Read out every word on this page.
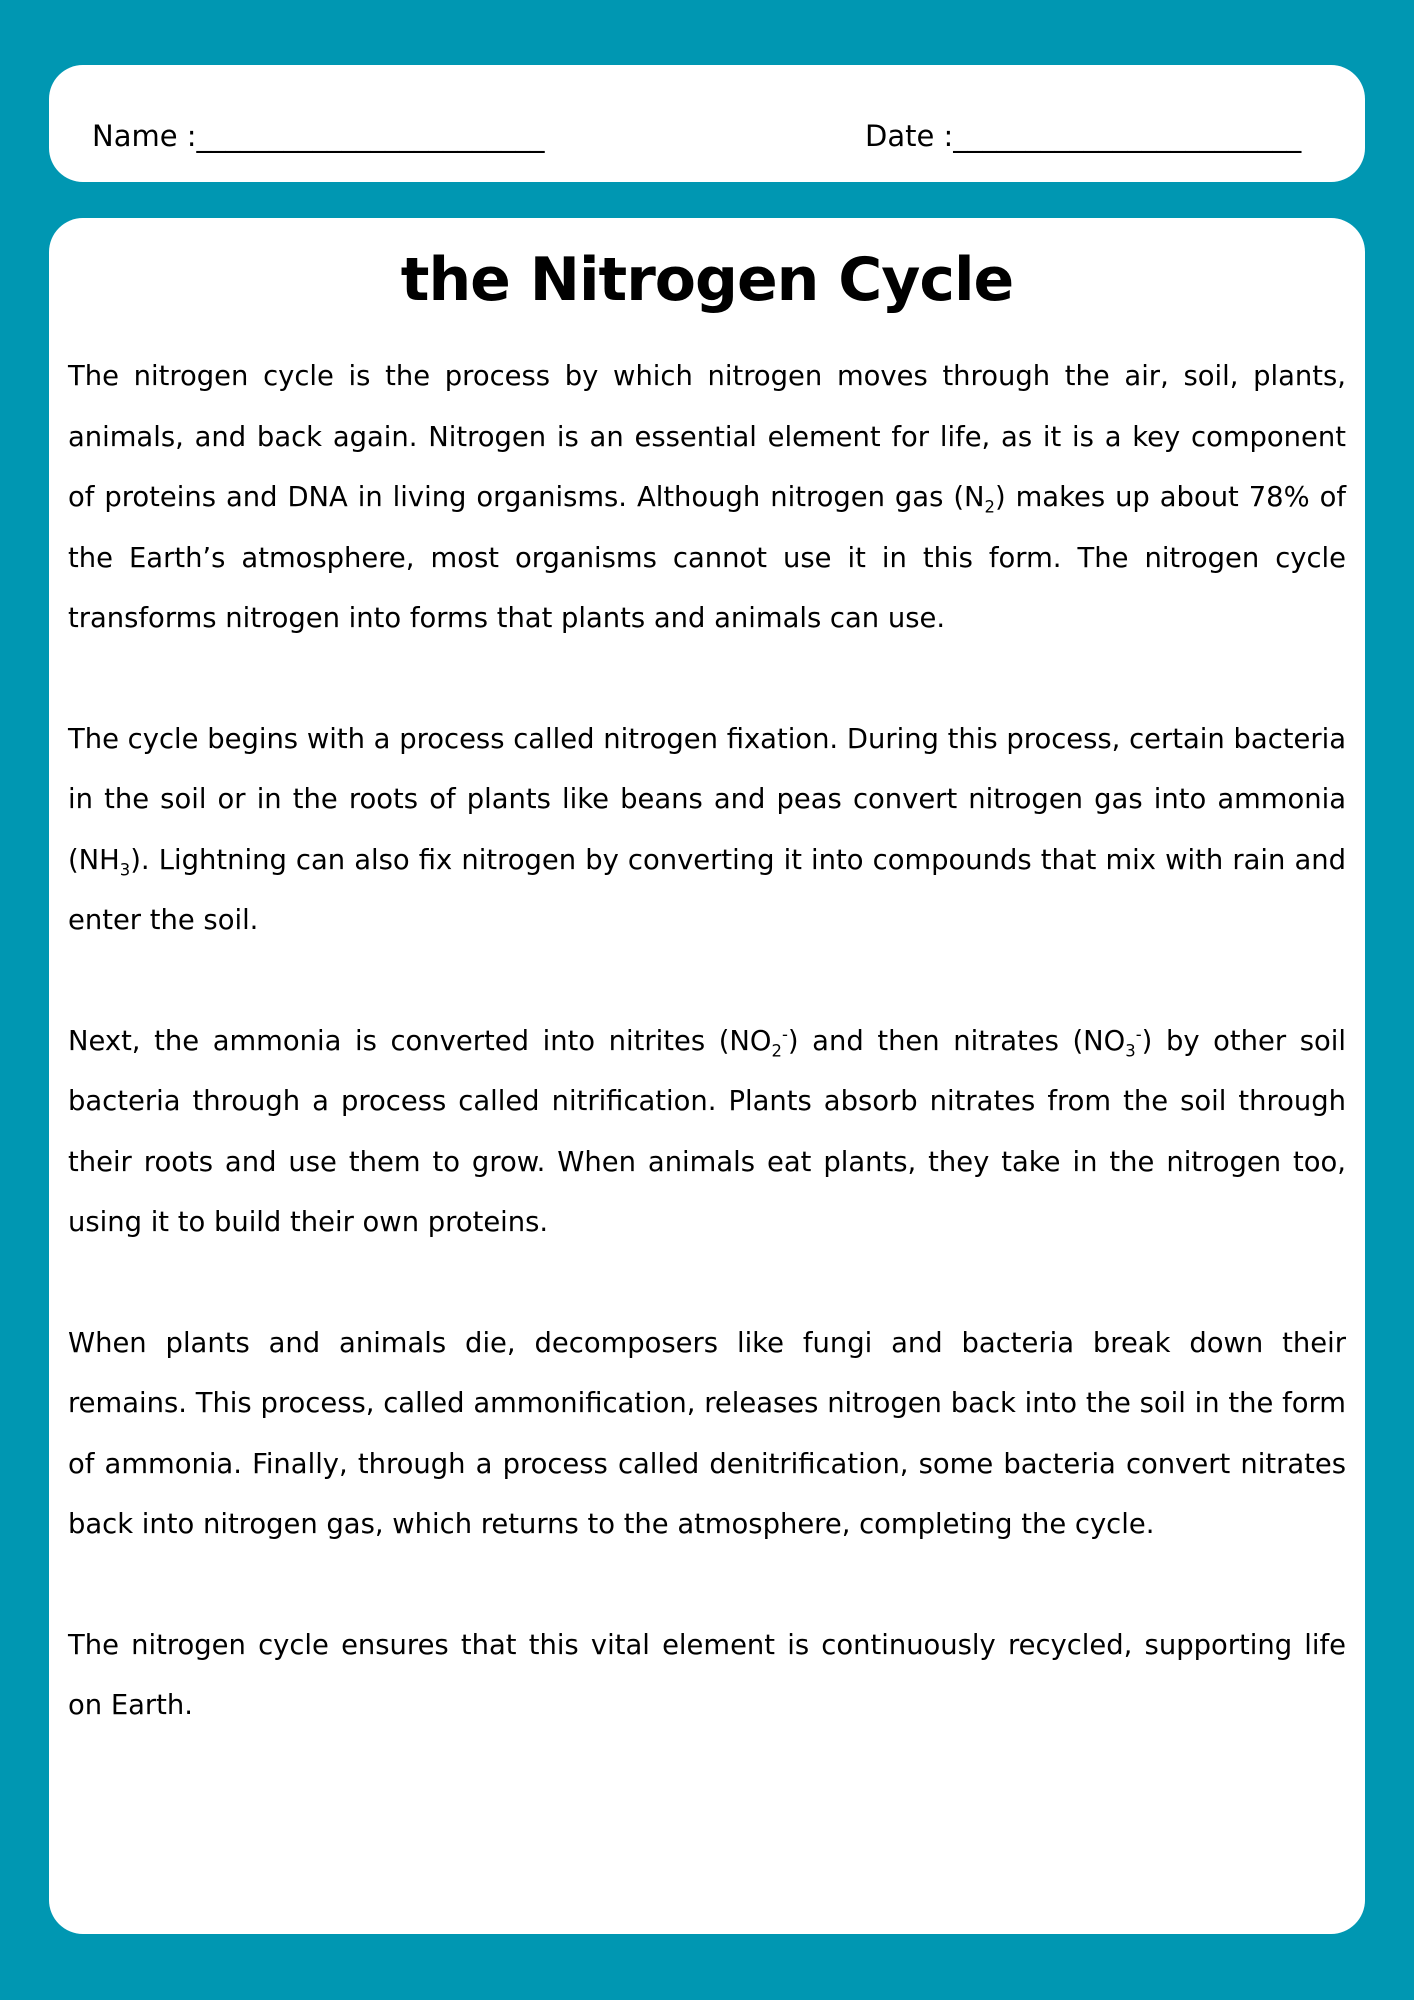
Name :________________________	Date :________________________
the Nitrogen Cycle

The nitrogen cycle is the process by which nitrogen moves through the air, soil, plants, animals, and back again. Nitrogen is an essential element for life, as it is a key component of proteins and DNA in living organisms. Although nitrogen gas $(N_2)$ makes up about 78% of the Earth’s atmosphere, most organisms cannot use it in this form. The nitrogen cycle transforms nitrogen into forms that plants and animals can use.

The cycle begins with a process called nitrogen fixation. During this process, certain bacteria in the soil or in the roots of plants like beans and peas convert nitrogen gas into ammonia $(NH_3)$. Lightning can also fix nitrogen by converting it into compounds that mix with rain and enter the soil.

Next, the ammonia is converted into nitrites $(NO_2^-)$ and then nitrates $(NO_3^-)$ by other soil bacteria through a process called nitrification. Plants absorb nitrates from the soil through their roots and use them to grow. When animals eat plants, they take in the nitrogen too, using it to build their own proteins.

When plants and animals die, decomposers like fungi and bacteria break down their remains. This process, called ammonification, releases nitrogen back into the soil in the form of ammonia. Finally, through a process called denitrification, some bacteria convert nitrates back into nitrogen gas, which returns to the atmosphere, completing the cycle.

The nitrogen cycle ensures that this vital element is continuously recycled, supporting life on Earth.
